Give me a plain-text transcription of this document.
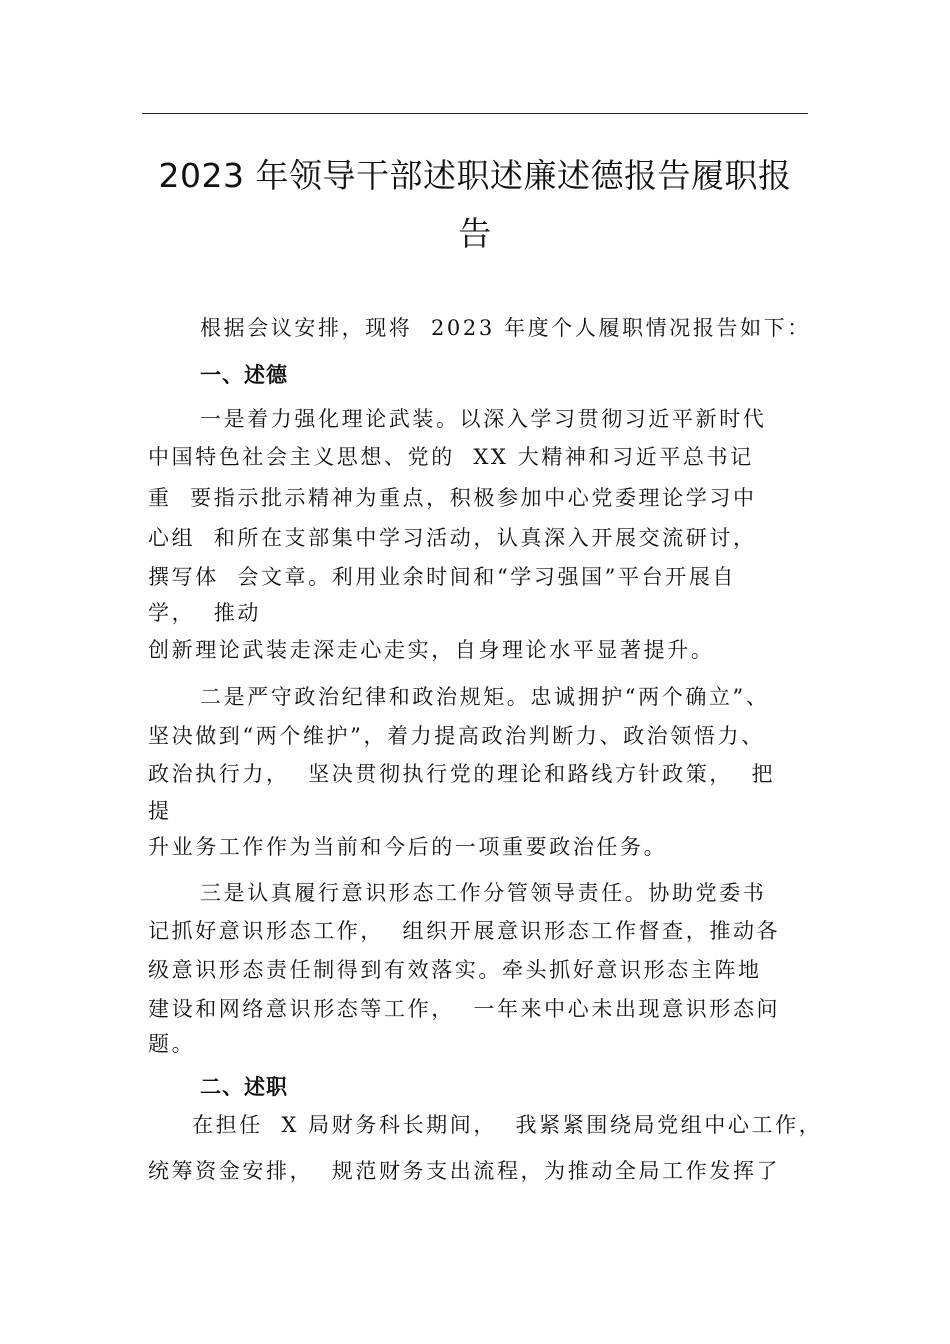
2023 年领导干部述职述廉述德报告履职报
告
根据会议安排，现将  2023 年度个人履职情况报告如下：
一、述德
一是着力强化理论武装。以深入学习贯彻习近平新时代
中国特色社会主义思想、党的  XX 大精神和习近平总书记
重  要指示批示精神为重点，积极参加中心党委理论学习中
心组  和所在支部集中学习活动，认真深入开展交流研讨，
撰写体  会文章。利用业余时间和“学习强国”平台开展自
学，  推动
创新理论武装走深走心走实，自身理论水平显著提升。
二是严守政治纪律和政治规矩。忠诚拥护“两个确立”、
坚决做到“两个维护”，着力提高政治判断力、政治领悟力、
政治执行力，  坚决贯彻执行党的理论和路线方针政策，  把
提
升业务工作作为当前和今后的一项重要政治任务。
三是认真履行意识形态工作分管领导责任。协助党委书
记抓好意识形态工作，  组织开展意识形态工作督查，推动各
级意识形态责任制得到有效落实。牵头抓好意识形态主阵地
建设和网络意识形态等工作，  一年来中心未出现意识形态问
题。
二、述职
在担任  X 局财务科长期间，  我紧紧围绕局党组中心工作，
统筹资金安排，  规范财务支出流程，为推动全局工作发挥了
